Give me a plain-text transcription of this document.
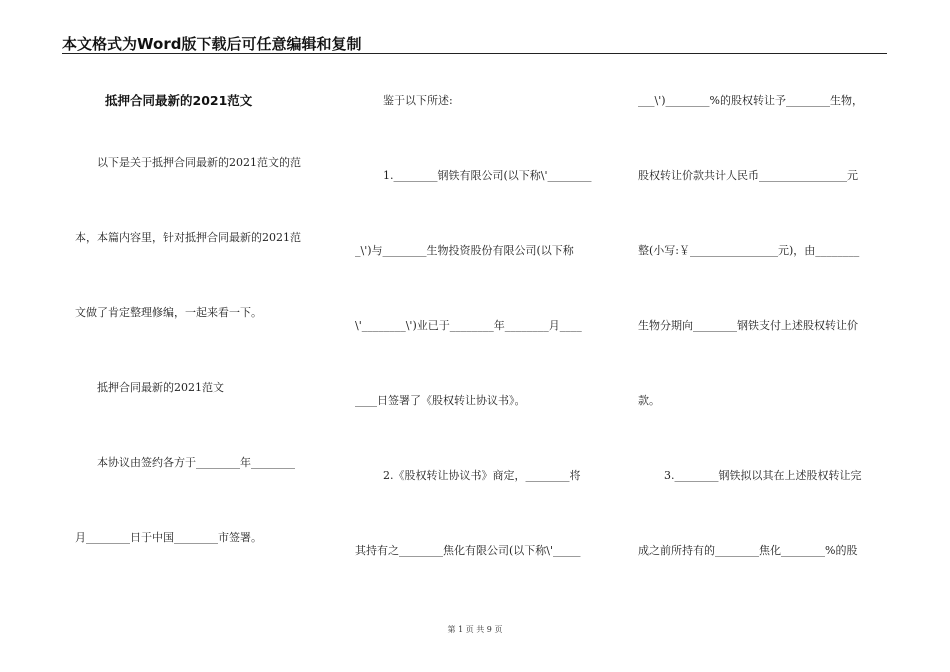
本文格式为Word版下载后可任意编辑和复制
抵押合同最新的2021范文
以下是关于抵押合同最新的2021范文的范
本，本篇内容里，针对抵押合同最新的2021范
文做了肯定整理修编，一起来看一下。
抵押合同最新的2021范文
本协议由签约各方于________年________
月________日于中国________市签署。
鉴于以下所述:
1.________钢铁有限公司(以下称\'________
_\')与________生物投资股份有限公司(以下称
\'________\')业已于________年________月____
____日签署了《股权转让协议书》。
2.《股权转让协议书》商定，________将
其持有之________焦化有限公司(以下称\'_____
___\')________%的股权转让予________生物，
股权转让价款共计人民币________________元
整(小写:￥________________元)，由________
生物分期向________钢铁支付上述股权转让价
款。
3.________钢铁拟以其在上述股权转让完
成之前所持有的________焦化________%的股
第 1 页 共 9 页
